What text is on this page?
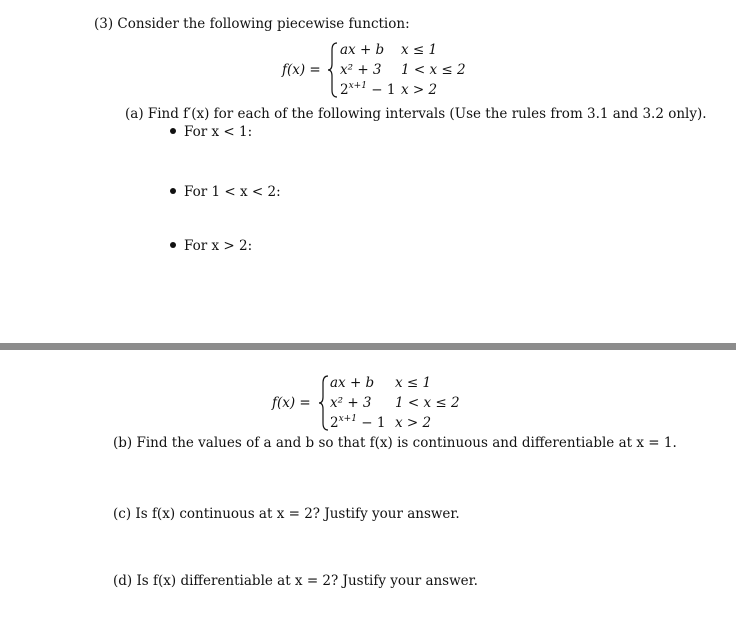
(3) Consider the following piecewise function:
f(x) =
ax + b x ≤ 1
x² + 3 1 < x ≤ 2
$2^{x+1} - 1$ x > 2
(a) Find f′(x) for each of the following intervals (Use the rules from 3.1 and 3.2 only).
For x < 1:
For 1 < x < 2:
For x > 2:
f(x) =
ax + b x ≤ 1
x² + 3 1 < x ≤ 2
$2^{x+1} - 1$ x > 2
(b) Find the values of a and b so that f(x) is continuous and differentiable at x = 1.
(c) Is f(x) continuous at x = 2? Justify your answer.
(d) Is f(x) differentiable at x = 2? Justify your answer.
